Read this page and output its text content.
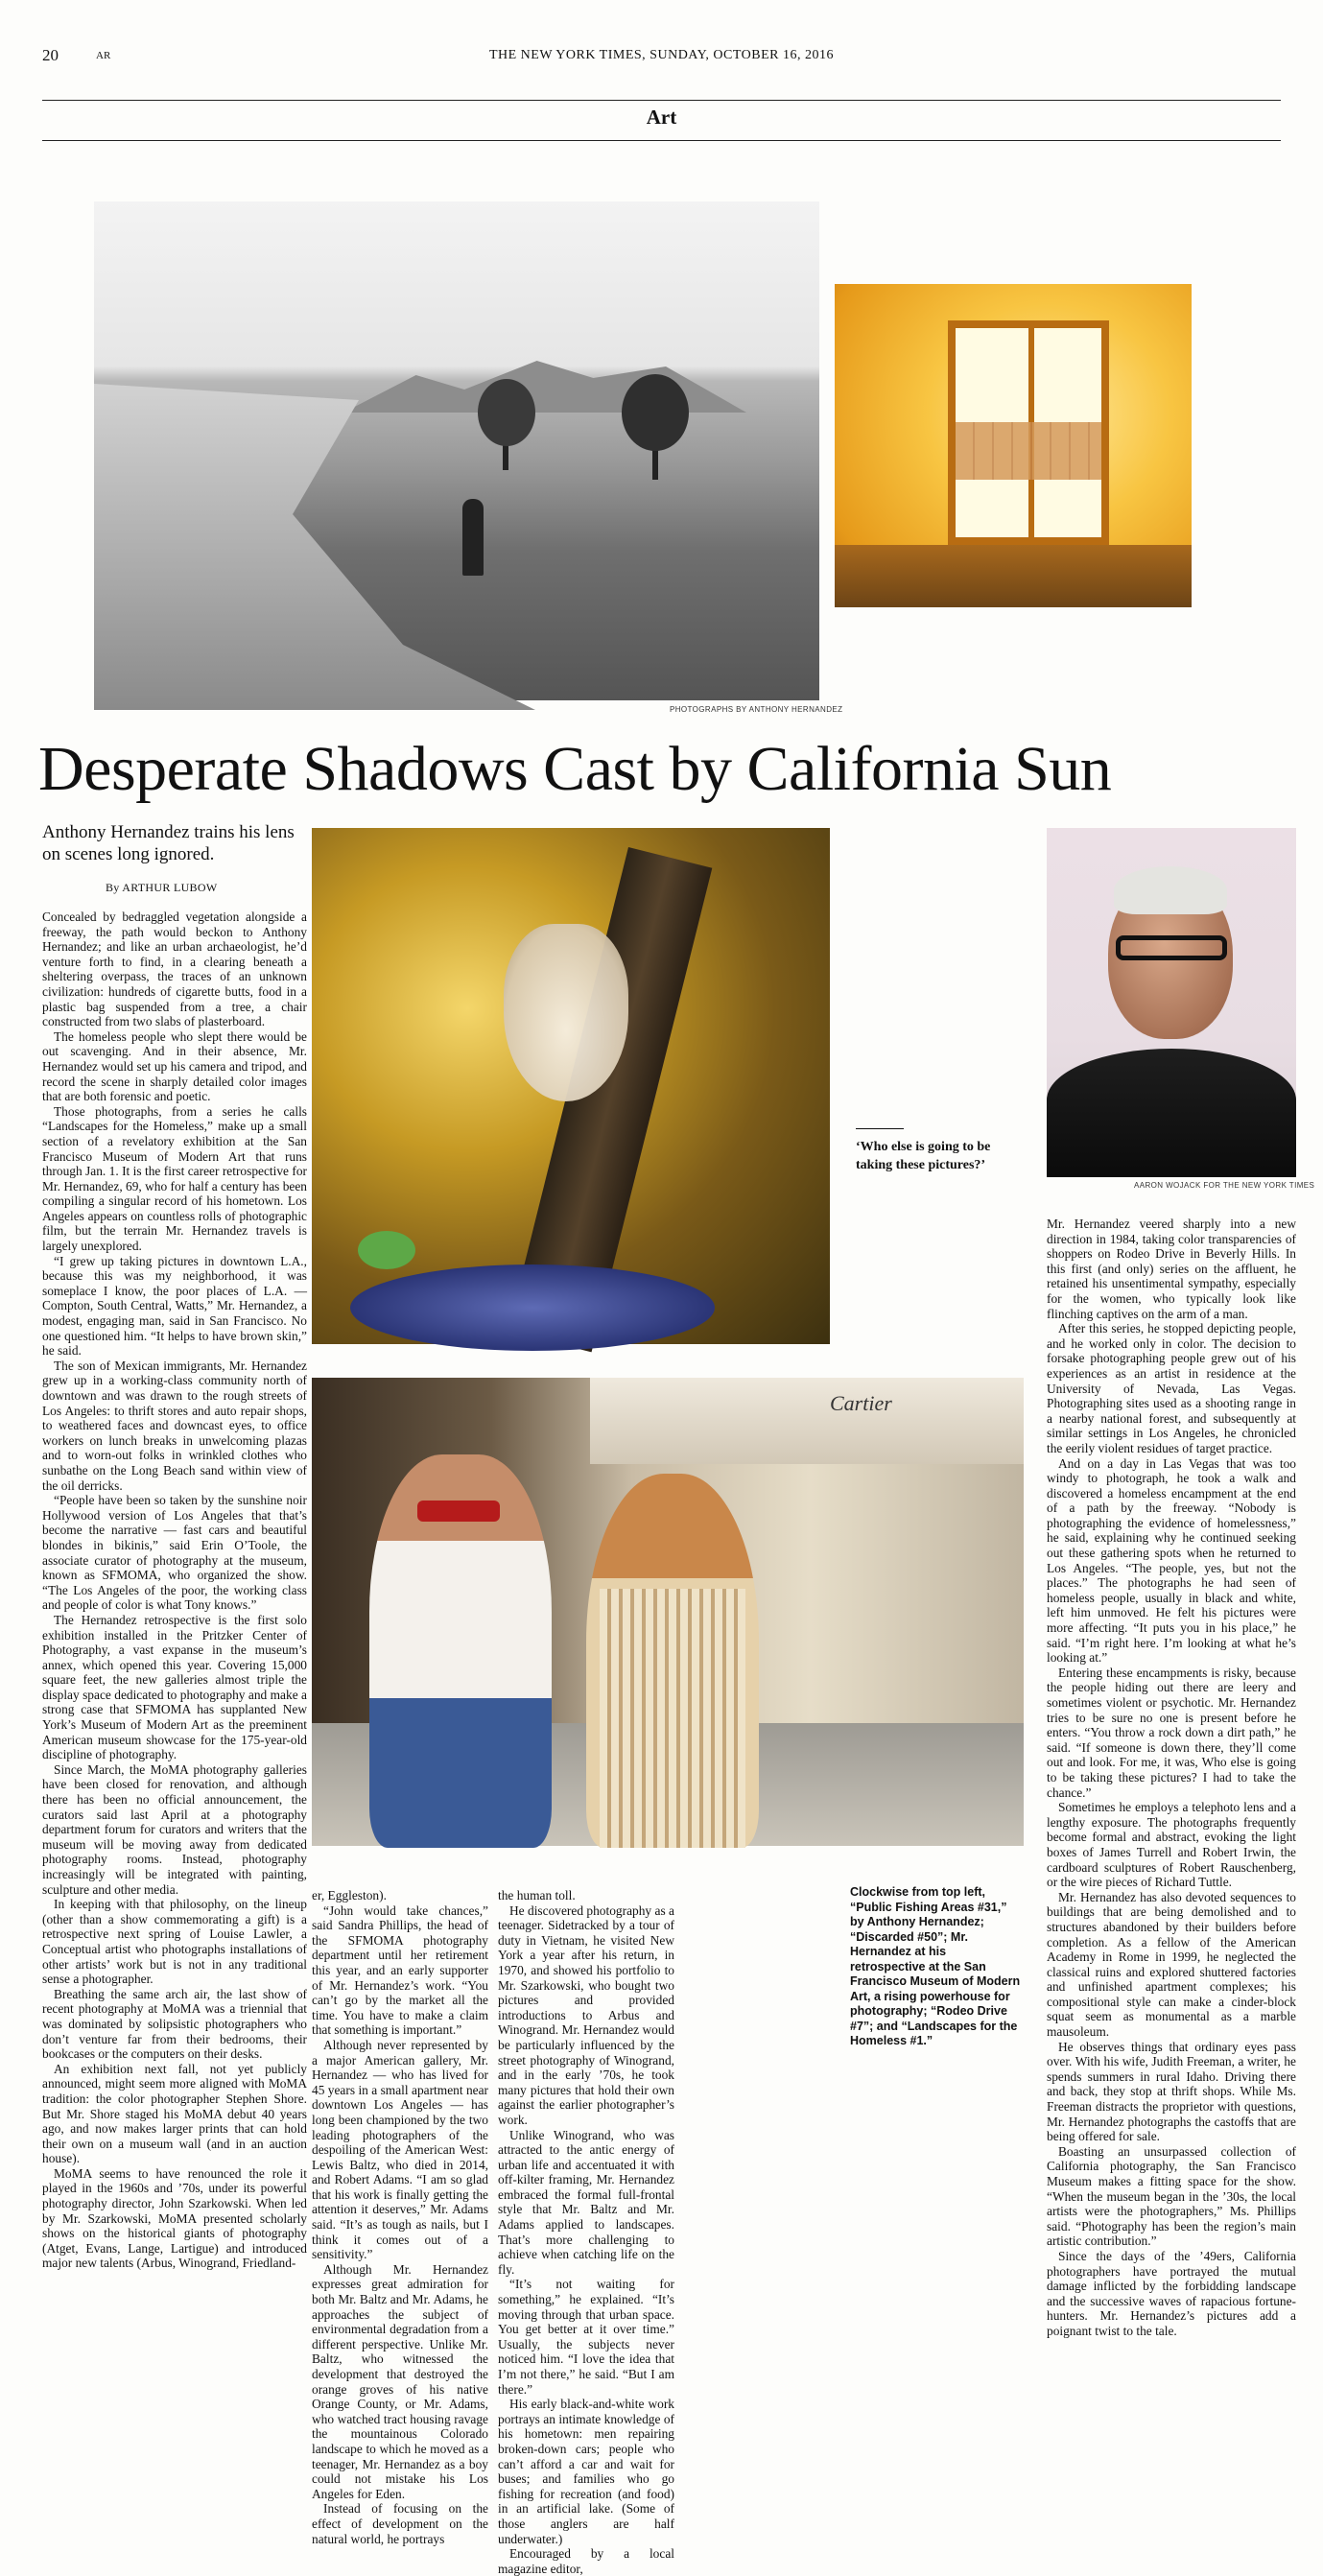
20	AR	THE NEW YORK TIMES, SUNDAY, OCTOBER 16, 2016
Art
PHOTOGRAPHS BY ANTHONY HERNANDEZ
Desperate Shadows Cast by California Sun
Anthony Hernandez trains his lens on scenes long ignored.
By ARTHUR LUBOW
‘Who else is going to be taking these pictures?’
AARON WOJACK FOR THE NEW YORK TIMES
Cartier
Clockwise from top left, “Public Fishing Areas #31,” by Anthony Hernandez; “Discarded #50”; Mr. Hernandez at his retrospective at the San Francisco Museum of Modern Art, a rising powerhouse for photography; “Rodeo Drive #7”; and “Landscapes for the Homeless #1.”

Concealed by bedraggled vegetation alongside a freeway, the path would beckon to Anthony Hernandez; and like an urban archaeologist, he’d venture forth to find, in a clearing beneath a sheltering overpass, the traces of an unknown civilization: hundreds of cigarette butts, food in a plastic bag suspended from a tree, a chair constructed from two slabs of plasterboard.

The homeless people who slept there would be out scavenging. And in their absence, Mr. Hernandez would set up his camera and tripod, and record the scene in sharply detailed color images that are both forensic and poetic.

Those photographs, from a series he calls “Landscapes for the Homeless,” make up a small section of a revelatory exhibition at the San Francisco Museum of Modern Art that runs through Jan. 1. It is the first career retrospective for Mr. Hernandez, 69, who for half a century has been compiling a singular record of his hometown. Los Angeles appears on countless rolls of photographic film, but the terrain Mr. Hernandez travels is largely unexplored.

“I grew up taking pictures in downtown L.A., because this was my neighborhood, it was someplace I know, the poor places of L.A. — Compton, South Central, Watts,” Mr. Hernandez, a modest, engaging man, said in San Francisco. No one questioned him. “It helps to have brown skin,” he said.

The son of Mexican immigrants, Mr. Hernandez grew up in a working-class community north of downtown and was drawn to the rough streets of Los Angeles: to thrift stores and auto repair shops, to weathered faces and downcast eyes, to office workers on lunch breaks in unwelcoming plazas and to worn-out folks in wrinkled clothes who sunbathe on the Long Beach sand within view of the oil derricks.

“People have been so taken by the sunshine noir Hollywood version of Los Angeles that that’s become the narrative — fast cars and beautiful blondes in bikinis,” said Erin O’Toole, the associate curator of photography at the museum, known as SFMOMA, who organized the show. “The Los Angeles of the poor, the working class and people of color is what Tony knows.”

The Hernandez retrospective is the first solo exhibition installed in the Pritzker Center of Photography, a vast expanse in the museum’s annex, which opened this year. Covering 15,000 square feet, the new galleries almost triple the display space dedicated to photography and make a strong case that SFMOMA has supplanted New York’s Museum of Modern Art as the preeminent American museum showcase for the 175-year-old discipline of photography.

Since March, the MoMA photography galleries have been closed for renovation, and although there has been no official announcement, the curators said last April at a photography department forum for curators and writers that the museum will be moving away from dedicated photography rooms. Instead, photography increasingly will be integrated with painting, sculpture and other media.

In keeping with that philosophy, on the lineup (other than a show commemorating a gift) is a retrospective next spring of Louise Lawler, a Conceptual artist who photographs installations of other artists’ work but is not in any traditional sense a photographer.

Breathing the same arch air, the last show of recent photography at MoMA was a triennial that was dominated by solipsistic photographers who don’t venture far from their bedrooms, their bookcases or the computers on their desks.

An exhibition next fall, not yet publicly announced, might seem more aligned with MoMA tradition: the color photographer Stephen Shore. But Mr. Shore staged his MoMA debut 40 years ago, and now makes larger prints that can hold their own on a museum wall (and in an auction house).

MoMA seems to have renounced the role it played in the 1960s and ’70s, under its powerful photography director, John Szarkowski. When led by Mr. Szarkowski, MoMA presented scholarly shows on the historical giants of photography (Atget, Evans, Lange, Lartigue) and introduced major new talents (Arbus, Winogrand, Friedland-

er, Eggleston).

“John would take chances,” said Sandra Phillips, the head of the SFMOMA photography department until her retirement this year, and an early supporter of Mr. Hernandez’s work. “You can’t go by the market all the time. You have to make a claim that something is important.”

Although never represented by a major American gallery, Mr. Hernandez — who has lived for 45 years in a small apartment near downtown Los Angeles — has long been championed by the two leading photographers of the despoiling of the American West: Lewis Baltz, who died in 2014, and Robert Adams. “I am so glad that his work is finally getting the attention it deserves,” Mr. Adams said. “It’s as tough as nails, but I think it comes out of a sensitivity.”

Although Mr. Hernandez expresses great admiration for both Mr. Baltz and Mr. Adams, he approaches the subject of environmental degradation from a different perspective. Unlike Mr. Baltz, who witnessed the development that destroyed the orange groves of his native Orange County, or Mr. Adams, who watched tract housing ravage the mountainous Colorado landscape to which he moved as a teenager, Mr. Hernandez as a boy could not mistake his Los Angeles for Eden.

Instead of focusing on the effect of development on the natural world, he portrays

the human toll.

He discovered photography as a teenager. Sidetracked by a tour of duty in Vietnam, he visited New York a year after his return, in 1970, and showed his portfolio to Mr. Szarkowski, who bought two pictures and provided introductions to Arbus and Winogrand. Mr. Hernandez would be particularly influenced by the street photography of Winogrand, and in the early ’70s, he took many pictures that hold their own against the earlier photographer’s work.

Unlike Winogrand, who was attracted to the antic energy of urban life and accentuated it with off-kilter framing, Mr. Hernandez embraced the formal full-frontal style that Mr. Baltz and Mr. Adams applied to landscapes. That’s more challenging to achieve when catching life on the fly.

“It’s not waiting for something,” he explained. “It’s moving through that urban space. You get better at it over time.” Usually, the subjects never noticed him. “I love the idea that I’m not there,” he said. “But I am there.”

His early black-and-white work portrays an intimate knowledge of his hometown: men repairing broken-down cars; people who can’t afford a car and wait for buses; and families who go fishing for recreation (and food) in an artificial lake. (Some of those anglers are half underwater.)

Encouraged by a local magazine editor,

Mr. Hernandez veered sharply into a new direction in 1984, taking color transparencies of shoppers on Rodeo Drive in Beverly Hills. In this first (and only) series on the affluent, he retained his unsentimental sympathy, especially for the women, who typically look like flinching captives on the arm of a man.

After this series, he stopped depicting people, and he worked only in color. The decision to forsake photographing people grew out of his experiences as an artist in residence at the University of Nevada, Las Vegas. Photographing sites used as a shooting range in a nearby national forest, and subsequently at similar settings in Los Angeles, he chronicled the eerily violent residues of target practice.

And on a day in Las Vegas that was too windy to photograph, he took a walk and discovered a homeless encampment at the end of a path by the freeway. “Nobody is photographing the evidence of homelessness,” he said, explaining why he continued seeking out these gathering spots when he returned to Los Angeles. “The people, yes, but not the places.” The photographs he had seen of homeless people, usually in black and white, left him unmoved. He felt his pictures were more affecting. “It puts you in his place,” he said. “I’m right here. I’m looking at what he’s looking at.”

Entering these encampments is risky, because the people hiding out there are leery and sometimes violent or psychotic. Mr. Hernandez tries to be sure no one is present before he enters. “You throw a rock down a dirt path,” he said. “If someone is down there, they’ll come out and look. For me, it was, Who else is going to be taking these pictures? I had to take the chance.”

Sometimes he employs a telephoto lens and a lengthy exposure. The photographs frequently become formal and abstract, evoking the light boxes of James Turrell and Robert Irwin, the cardboard sculptures of Robert Rauschenberg, or the wire pieces of Richard Tuttle.

Mr. Hernandez has also devoted sequences to buildings that are being demolished and to structures abandoned by their builders before completion. As a fellow of the American Academy in Rome in 1999, he neglected the classical ruins and explored shuttered factories and unfinished apartment complexes; his compositional style can make a cinder-block squat seem as monumental as a marble mausoleum.

He observes things that ordinary eyes pass over. With his wife, Judith Freeman, a writer, he spends summers in rural Idaho. Driving there and back, they stop at thrift shops. While Ms. Freeman distracts the proprietor with questions, Mr. Hernandez photographs the castoffs that are being offered for sale.

Boasting an unsurpassed collection of California photography, the San Francisco Museum makes a fitting space for the show. “When the museum began in the ’30s, the local artists were the photographers,” Ms. Phillips said. “Photography has been the region’s main artistic contribution.”

Since the days of the ’49ers, California photographers have portrayed the mutual damage inflicted by the forbidding landscape and the successive waves of rapacious fortune-hunters. Mr. Hernandez’s pictures add a poignant twist to the tale.
